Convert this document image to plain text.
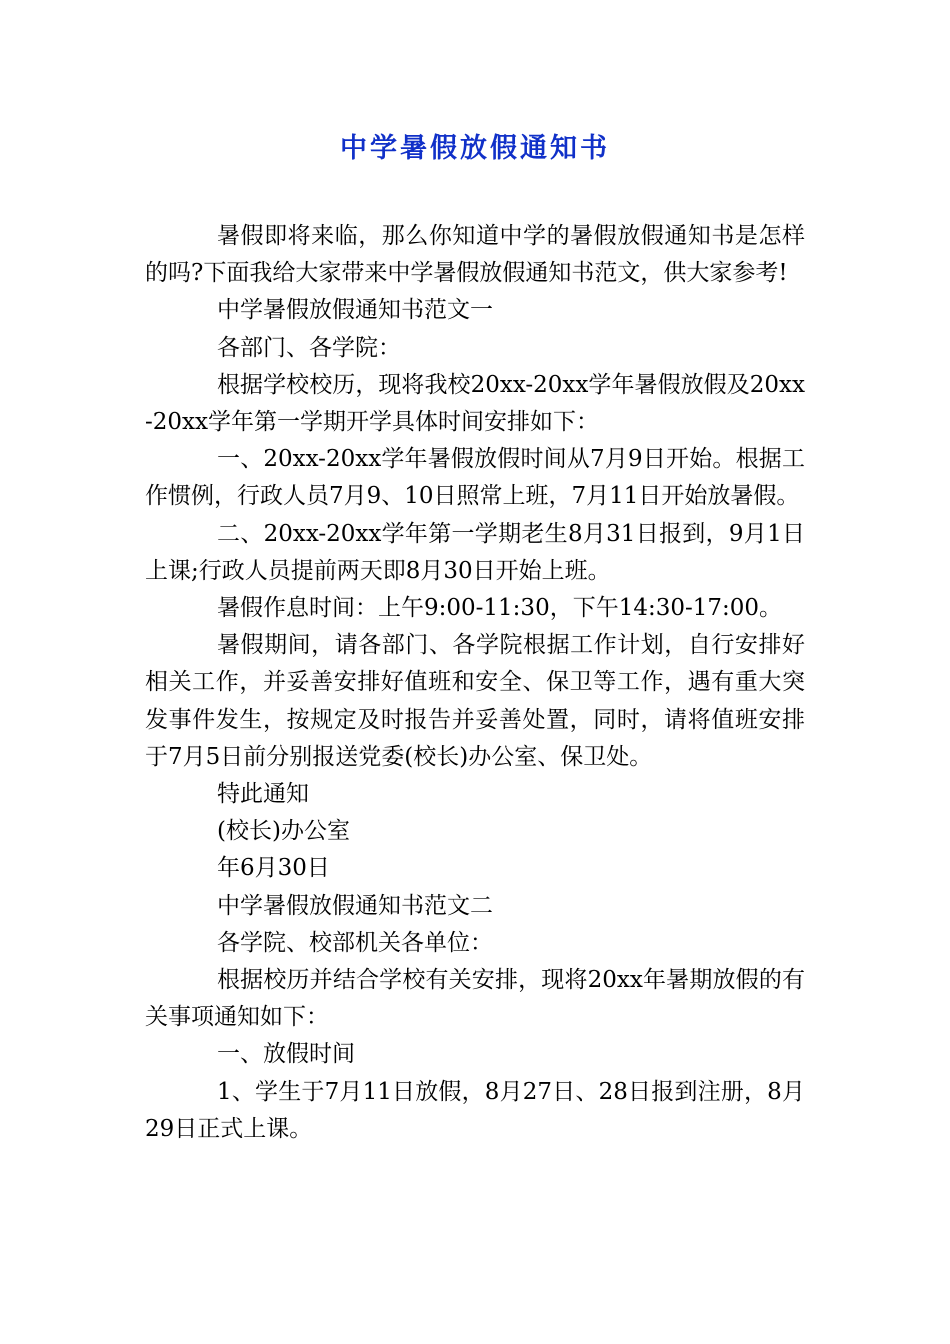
中学暑假放假通知书

暑假即将来临，那么你知道中学的暑假放假通知书是怎样的吗?下面我给大家带来中学暑假放假通知书范文，供大家参考!

中学暑假放假通知书范文一

各部门、各学院：

根据学校校历，现将我校20xx-20xx学年暑假放假及20xx-20xx学年第一学期开学具体时间安排如下：

一、20xx-20xx学年暑假放假时间从7月9日开始。根据工作惯例，行政人员7月9、10日照常上班，7月11日开始放暑假。

二、20xx-20xx学年第一学期老生8月31日报到，9月1日上课;行政人员提前两天即8月30日开始上班。

暑假作息时间：上午9:00-11:30，下午14:30-17:00。

暑假期间，请各部门、各学院根据工作计划，自行安排好相关工作，并妥善安排好值班和安全、保卫等工作，遇有重大突发事件发生，按规定及时报告并妥善处置，同时，请将值班安排于7月5日前分别报送党委(校长)办公室、保卫处。

特此通知

(校长)办公室

年6月30日

中学暑假放假通知书范文二

各学院、校部机关各单位：

根据校历并结合学校有关安排，现将20xx年暑期放假的有关事项通知如下：

一、放假时间

1、学生于7月11日放假，8月27日、28日报到注册，8月29日正式上课。
